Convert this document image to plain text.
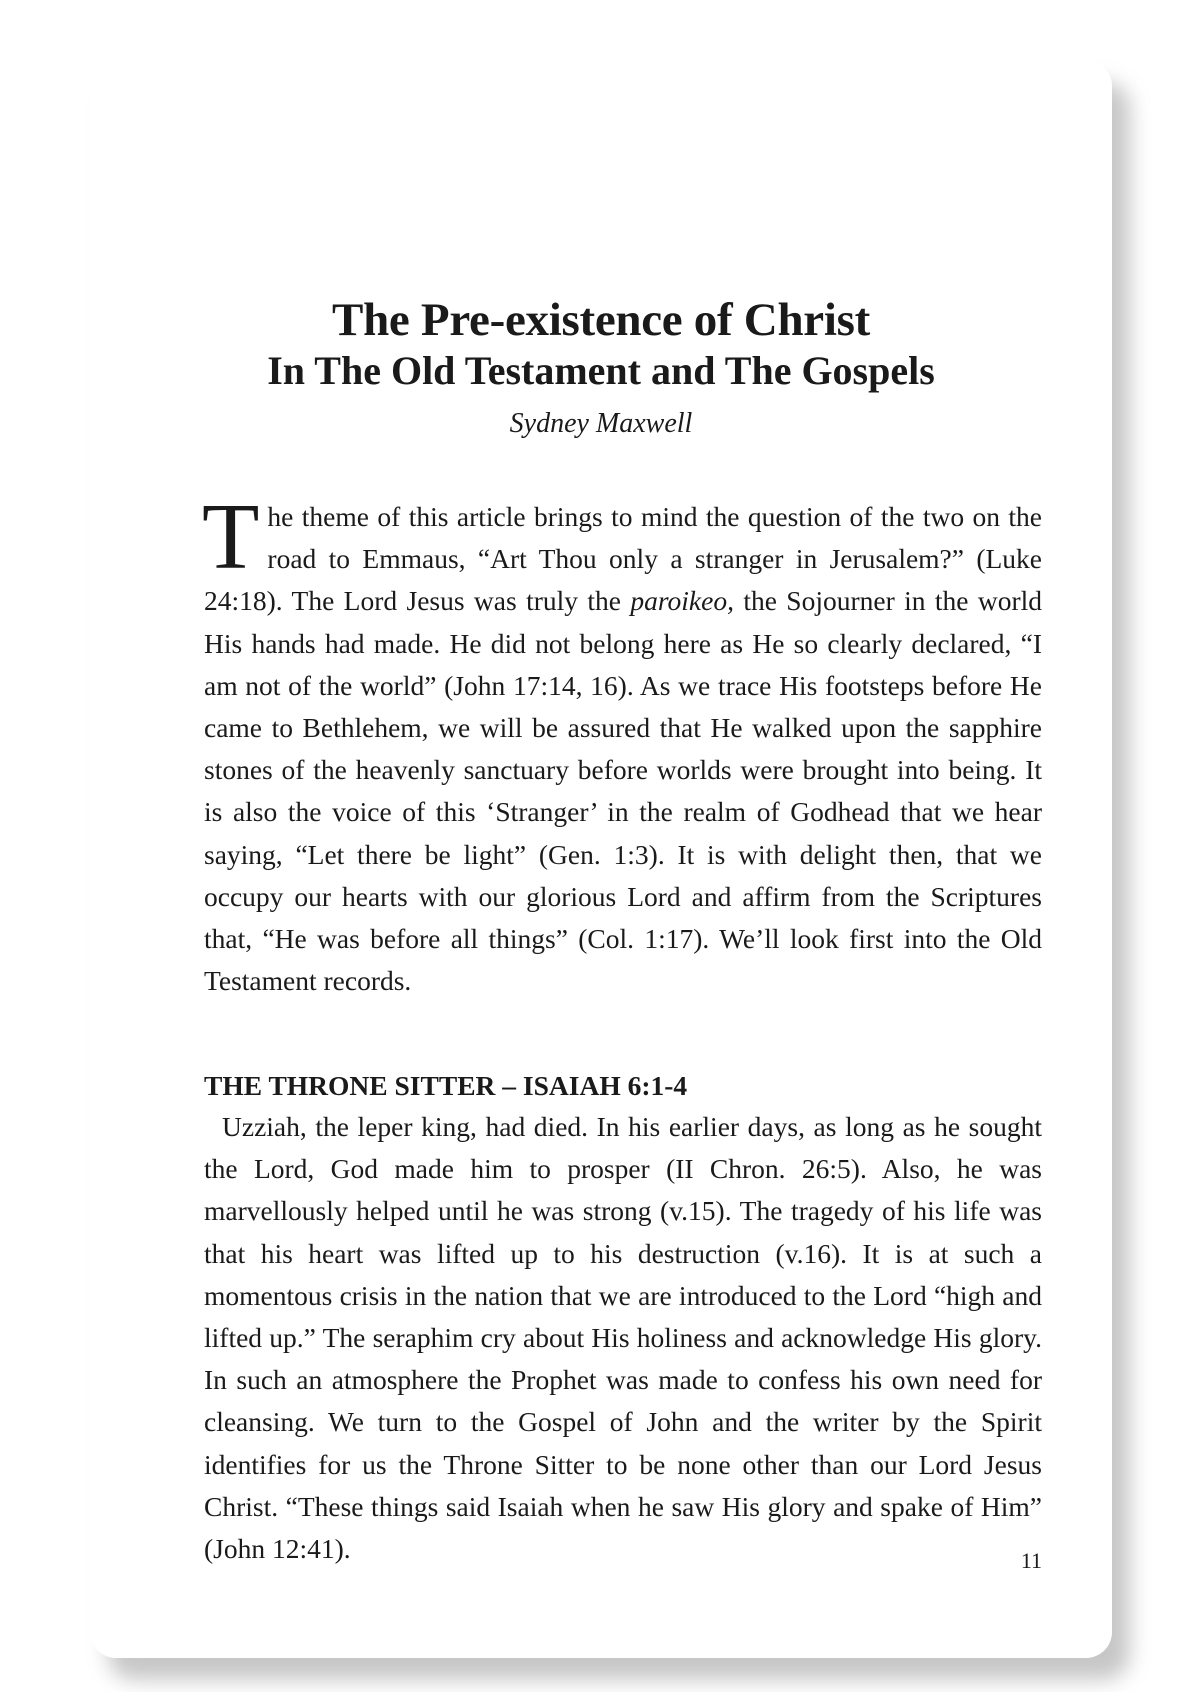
The Pre-existence of Christ
In The Old Testament and The Gospels
Sydney Maxwell

The theme of this article brings to mind the question of the two on the road to Emmaus, “Art Thou only a stranger in Jerusalem?” (Luke 24:18). The Lord Jesus was truly the paroikeo, the Sojourner in the world His hands had made. He did not belong here as He so clearly declared, “I am not of the world” (John 17:14, 16). As we trace His footsteps before He came to Bethlehem, we will be assured that He walked upon the sapphire stones of the heavenly sanctuary before worlds were brought into being. It is also the voice of this ‘Stranger’ in the realm of Godhead that we hear saying, “Let there be light” (Gen. 1:3). It is with delight then, that we occupy our hearts with our glorious Lord and affirm from the Scriptures that, “He was before all things” (Col. 1:17). We’ll look first into the Old Testament records.

THE THRONE SITTER – ISAIAH 6:1-4

Uzziah, the leper king, had died. In his earlier days, as long as he sought the Lord, God made him to prosper (II Chron. 26:5). Also, he was marvellously helped until he was strong (v.15). The tragedy of his life was that his heart was lifted up to his destruction (v.16). It is at such a momentous crisis in the nation that we are introduced to the Lord “high and lifted up.” The seraphim cry about His holiness and acknowledge His glory. In such an atmosphere the Prophet was made to confess his own need for cleansing. We turn to the Gospel of John and the writer by the Spirit identifies for us the Throne Sitter to be none other than our Lord Jesus Christ. “These things said Isaiah when he saw His glory and spake of Him” (John 12:41).	11
